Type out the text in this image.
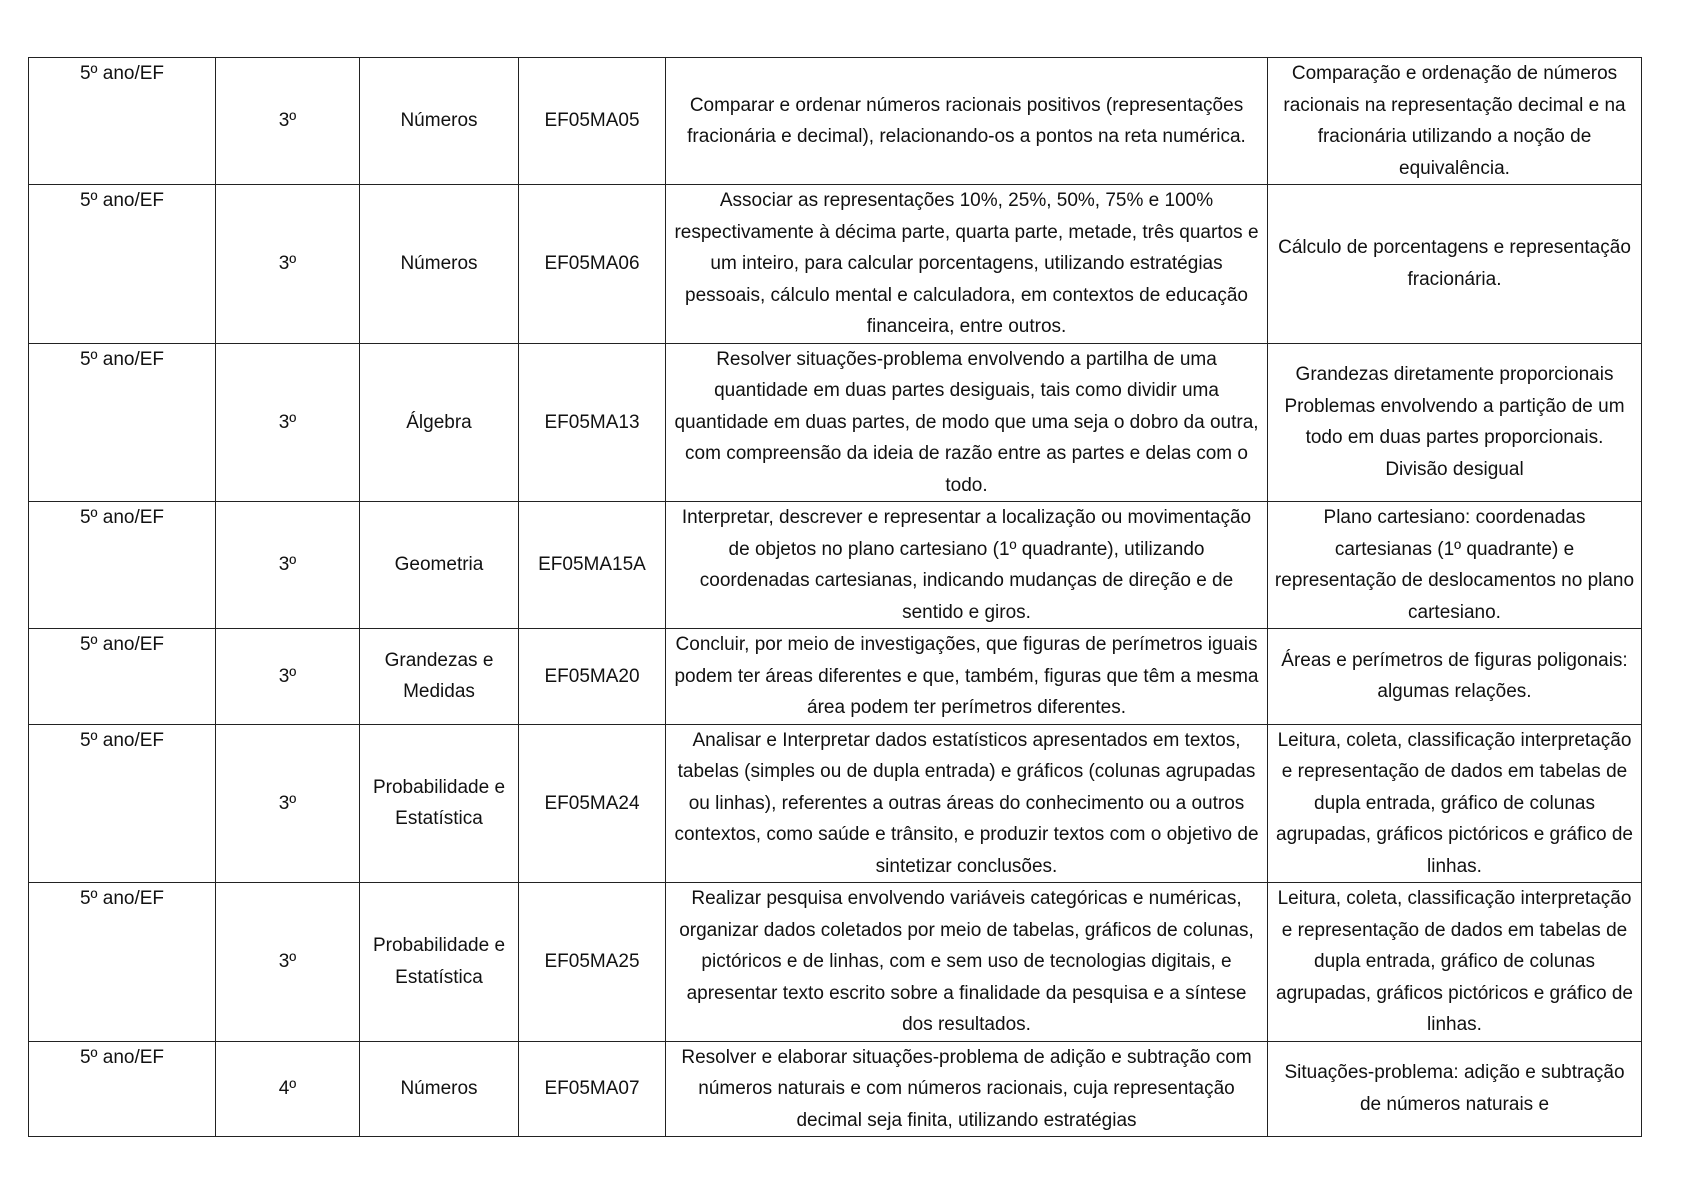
5º ano/EF	3º	Números	EF05MA05	Comparar e ordenar números racionais positivos (representações fracionária e decimal), relacionando-os a pontos na reta numérica.	Comparação e ordenação de números racionais na representação decimal e na fracionária utilizando a noção de equivalência.
5º ano/EF	3º	Números	EF05MA06	Associar as representações 10%, 25%, 50%, 75% e 100% respectivamente à décima parte, quarta parte, metade, três quartos e um inteiro, para calcular porcentagens, utilizando estratégias pessoais, cálculo mental e calculadora, em contextos de educação financeira, entre outros.	Cálculo de porcentagens e representação fracionária.
5º ano/EF	3º	Álgebra	EF05MA13	Resolver situações-problema envolvendo a partilha de uma quantidade em duas partes desiguais, tais como dividir uma quantidade em duas partes, de modo que uma seja o dobro da outra, com compreensão da ideia de razão entre as partes e delas com o todo.	Grandezas diretamente proporcionais Problemas envolvendo a partição de um todo em duas partes proporcionais. Divisão desigual
5º ano/EF	3º	Geometria	EF05MA15A	Interpretar, descrever e representar a localização ou movimentação de objetos no plano cartesiano (1º quadrante), utilizando coordenadas cartesianas, indicando mudanças de direção e de sentido e giros.	Plano cartesiano: coordenadas cartesianas (1º quadrante) e representação de deslocamentos no plano cartesiano.
5º ano/EF	3º	Grandezas e Medidas	EF05MA20	Concluir, por meio de investigações, que figuras de perímetros iguais podem ter áreas diferentes e que, também, figuras que têm a mesma área podem ter perímetros diferentes.	Áreas e perímetros de figuras poligonais: algumas relações.
5º ano/EF	3º	Probabilidade e Estatística	EF05MA24	Analisar e Interpretar dados estatísticos apresentados em textos, tabelas (simples ou de dupla entrada) e gráficos (colunas agrupadas ou linhas), referentes a outras áreas do conhecimento ou a outros contextos, como saúde e trânsito, e produzir textos com o objetivo de sintetizar conclusões.	Leitura, coleta, classificação interpretação e representação de dados em tabelas de dupla entrada, gráfico de colunas agrupadas, gráficos pictóricos e gráfico de linhas.
5º ano/EF	3º	Probabilidade e Estatística	EF05MA25	Realizar pesquisa envolvendo variáveis categóricas e numéricas, organizar dados coletados por meio de tabelas, gráficos de colunas, pictóricos e de linhas, com e sem uso de tecnologias digitais, e apresentar texto escrito sobre a finalidade da pesquisa e a síntese dos resultados.	Leitura, coleta, classificação interpretação e representação de dados em tabelas de dupla entrada, gráfico de colunas agrupadas, gráficos pictóricos e gráfico de linhas.
5º ano/EF	4º	Números	EF05MA07	Resolver e elaborar situações-problema de adição e subtração com números naturais e com números racionais, cuja representação decimal seja finita, utilizando estratégias	Situações-problema: adição e subtração de números naturais e
